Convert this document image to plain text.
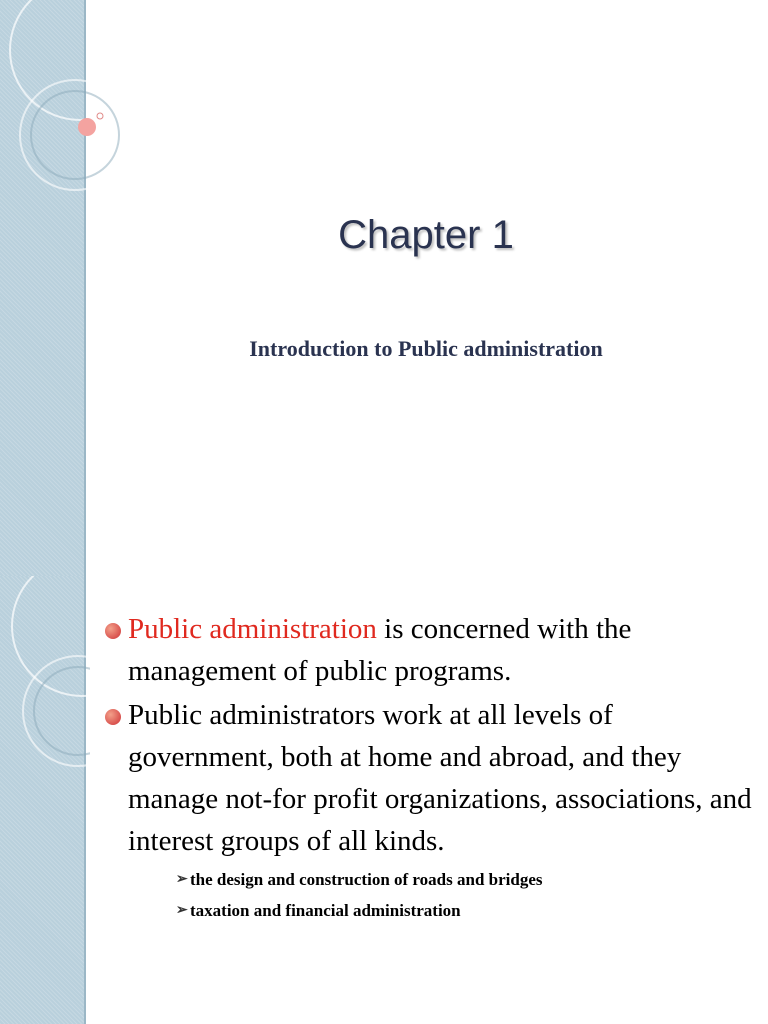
Chapter 1
Introduction to Public administration
Public administration is concerned with the management of public programs.
Public administrators work at all levels of government, both at home and abroad, and they manage not-for profit organizations, associations, and interest groups of all kinds.
➢ the design and construction of roads and bridges
➢ taxation and financial administration
